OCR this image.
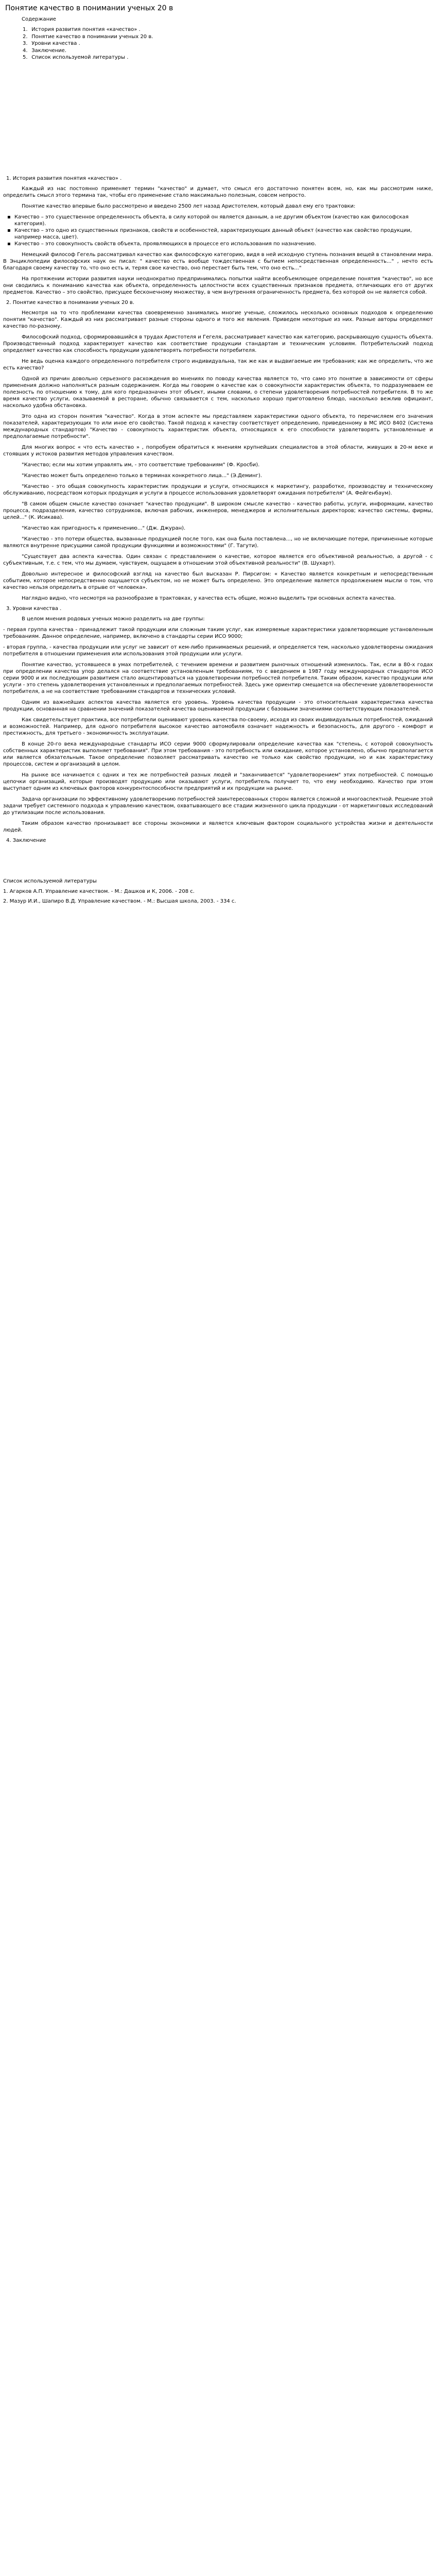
Понятие качество в понимании ученых 20 в
Содержание
1. История развития понятия «качество» .
2. Понятие качество в понимании ученых 20 в.
3. Уровни качества .
4. Заключение.
5. Список используемой литературы .
1. История развития понятия «качество» .

Каждый из нас постоянно применяет термин "качество" и думает, что смысл его достаточно понятен всем, но, как мы рассмотрим ниже, определить смысл этого термина так, чтобы его применение стало максимально полезным, совсем непросто.

Понятие качество впервые было рассмотрено и введено 2500 лет назад Аристотелем, который давал ему его трактовки:

▪ Качество – это существенное определенность объекта, в силу которой он является данным, а не другим объектом (качество как философская категория).
▪ Качество – это одно из существенных признаков, свойств и особенностей, характеризующих данный объект (качество как свойство продукции, например масса, цвет).
▪ Качество – это совокупность свойств объекта, проявляющихся в процессе его использования по назначению.

Немецкий философ Гегель рассматривал качество как философскую категорию, видя в ней исходную ступень познания вещей в становлении мира. В Энциклопедии философских наук он писал: " качество есть вообще тождественная с бытием непосредственная определенность..." , нечто есть благодаря своему качеству то, что оно есть и, теряя свое качество, оно перестает быть тем, что оно есть..."

На протяжении истории развития науки неоднократно предпринимались попытки найти всеобъемлющее определение понятия "качество", но все они сводились к пониманию качества как объекта, определенность целостности всех существенных признаков предмета, отличающих его от других предметов. Качество – это свойство, присущее бесконечному множеству, в чем внутренняя ограниченность предмета, без которой он не является собой.

2. Понятие качество в понимании ученых 20 в.

Несмотря на то что проблемами качества своевременно занимались многие ученые, сложилось несколько основных подходов к определению понятия "качество". Каждый из них рассматривает разные стороны одного и того же явления. Приведем некоторые из них. Разные авторы определяют качество по-разному.

Философский подход, сформировавшийся в трудах Аристотеля и Гегеля, рассматривает качество как категорию, раскрывающую сущность объекта. Производственный подход характеризует качество как соответствие продукции стандартам и техническим условиям. Потребительский подход определяет качество как способность продукции удовлетворять потребности потребителя.

Не ведь оценка каждого определенного потребителя строго индивидуальна, так же как и выдвигаемые им требования; как же определить, что же есть качество?

Одной из причин довольно серьезного расхождения во мнениях по поводу качества является то, что само это понятие в зависимости от сферы применения должно наполняться разным содержанием. Когда мы говорим о качестве как о совокупности характеристик объекта, то подразумеваем ее полезность по отношению к тому, для кого предназначен этот объект, иными словами, о степени удовлетворения потребностей потребителя. В то же время качество услуги, оказываемой в ресторане, обычно связывается с тем, насколько хорошо приготовлено блюдо, насколько вежлив официант, насколько удобна обстановка.

Это одна из сторон понятия "качество". Когда в этом аспекте мы представляем характеристики одного объекта, то перечисляем его значения показателей, характеризующих то или иное его свойство. Такой подход к качеству соответствует определению, приведенному в МС ИСО 8402 (Система международных стандартов) "Качество - совокупность характеристик объекта, относящихся к его способности удовлетворять установленные и предполагаемые потребности".

Для многих вопрос « что есть качество » , попробуем обратиться к мнениям крупнейших специалистов в этой области, живущих в 20-м веке и стоявших у истоков развития методов управления качеством.

"Качество; если мы хотим управлять им, - это соответствие требованиям" (Ф. Кросби).

"Качество может быть определено только в терминах конкретного лица..." (Э.Деминг).

"Качество - это общая совокупность характеристик продукции и услуги, относящихся к маркетингу, разработке, производству и техническому обслуживанию, посредством которых продукция и услуги в процессе использования удовлетворят ожидания потребителя" (А. Фейгенбаум).

"В самом общем смысле качество означает "качество продукции". В широком смысле качество - качество работы, услуги, информации, качество процесса, подразделения, качество сотрудников, включая рабочих, инженеров, менеджеров и исполнительных директоров; качество системы, фирмы, целей..." (К. Исикава).

"Качество как пригодность к применению..." (Дж. Джуран).

"Качество - это потери общества, вызванные продукцией после того, как она была поставлена..., но не включающие потери, причиненные которые являются внутренне присущими самой продукции функциями и возможностями" (Г. Тагути).

"Существует два аспекта качества. Один связан с представлением о качестве, которое является его объективной реальностью, а другой - с субъективным, т.е. с тем, что мы думаем, чувствуем, ощущаем в отношении этой объективной реальности" (В. Шухарт).

Довольно интересное и философский взгляд на качество был высказан Р. Пирсигом: « Качество является конкретным и непосредственным событием, которое непосредственно ощущается субъектом, но не может быть определено. Это определение является продолжением мысли о том, что качество нельзя определить в отрыве от человека».

Наглядно видно, что несмотря на разнообразие в трактовках, у качества есть общие, можно выделить три основных аспекта качества.

3. Уровни качества .

В целом мнения родовых ученых можно разделить на две группы:

- первая группа качества - принадлежит такой продукции или сложным таким услуг, как измеряемые характеристики удовлетворяющие установленным требованиям. Данное определение, например, включено в стандарты серии ИСО 9000;

- вторая группа, - качества продукции или услуг не зависит от кем-либо принимаемых решений, и определяется тем, насколько удовлетворены ожидания потребителя в отношении применения или использования этой продукции или услуги.

Понятие качество, устоявшееся в умах потребителей, с течением времени и развитием рыночных отношений изменилось. Так, если в 80-х годах при определении качества упор делался на соответствие установленным требованиям, то с введением в 1987 году международных стандартов ИСО серии 9000 и их последующим развитием стало акцентироваться на удовлетворении потребностей потребителя. Таким образом, качество продукции или услуги - это степень удовлетворения установленных и предполагаемых потребностей. Здесь уже ориентир смещается на обеспечение удовлетворенности потребителя, а не на соответствие требованиям стандартов и технических условий.

Одним из важнейших аспектов качества является его уровень. Уровень качества продукции - это относительная характеристика качества продукции, основанная на сравнении значений показателей качества оцениваемой продукции с базовыми значениями соответствующих показателей.

Как свидетельствует практика, все потребители оценивают уровень качества по-своему, исходя из своих индивидуальных потребностей, ожиданий и возможностей. Например, для одного потребителя высокое качество автомобиля означает надежность и безопасность, для другого - комфорт и престижность, для третьего - экономичность эксплуатации.

В конце 20-го века международные стандарты ИСО серии 9000 сформулировали определение качества как "степень, с которой совокупность собственных характеристик выполняет требования". При этом требования - это потребность или ожидание, которое установлено, обычно предполагается или является обязательным. Такое определение позволяет рассматривать качество не только как свойство продукции, но и как характеристику процессов, систем и организаций в целом.

На рынке все начинается с одних и тех же потребностей разных людей и "заканчивается" "удовлетворением" этих потребностей. С помощью цепочки организаций, которые производят продукцию или оказывают услуги, потребитель получает то, что ему необходимо. Качество при этом выступает одним из ключевых факторов конкурентоспособности предприятий и их продукции на рынке.

Задача организации по эффективному удовлетворению потребностей заинтересованных сторон является сложной и многоаспектной. Решение этой задачи требует системного подхода к управлению качеством, охватывающего все стадии жизненного цикла продукции - от маркетинговых исследований до утилизации после использования.

Таким образом качество пронизывает все стороны экономики и является ключевым фактором социального устройства жизни и деятельности людей.

4. Заключение
Список используемой литературы
1. Агарков А.П. Управление качеством. - М.: Дашков и К, 2006. - 208 с.
2. Мазур И.И., Шапиро В.Д. Управление качеством. - М.: Высшая школа, 2003. - 334 с.
